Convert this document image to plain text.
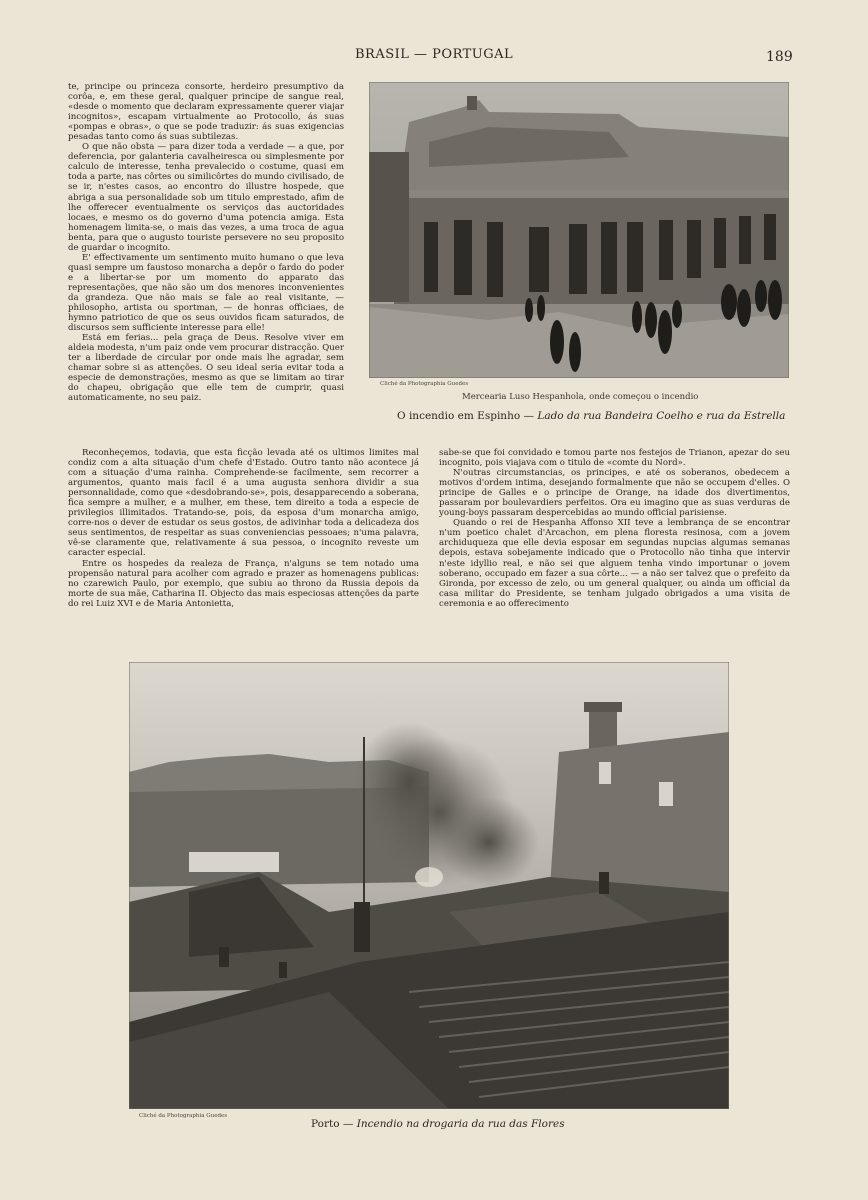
BRASIL — PORTUGAL	189

te, principe ou princeza consorte, herdeiro presumptivo da corôa, e, em these geral, qualquer principe de sangue real, «desde o momento que declaram expressamente querer viajar incognitos», escapam virtualmente ao Protocollo, ás suas «pompas e obras», o que se pode traduzir: ás suas exigencias pesadas tanto como ás suas subtilezas.

O que não obsta — para dizer toda a verdade — a que, por deferencia, por galanteria cavalheiresca ou simplesmente por calculo de interesse, tenha prevalecido o costume, quasi em toda a parte, nas côrtes ou similicôrtes do mundo civilisado, de se ir, n'estes casos, ao encontro do illustre hospede, que abriga a sua personalidade sob um titulo emprestado, afim de lhe offerecer eventualmente os serviços das auctoridades locaes, e mesmo os do governo d'uma potencia amiga. Esta homenagem limita-se, o mais das vezes, a uma troca de agua benta, para que o augusto touriste persevere no seu proposito de guardar o incognito.

E' effectivamente um sentimento muito humano o que leva quasi sempre um faustoso monarcha a depôr o fardo do poder e a libertar-se por um momento do apparato das representações, que não são um dos menores inconvenientes da grandeza. Que não mais se fale ao real visitante, — philosopho, artista ou sportman, — de honras officiaes, de hymno patriotico de que os seus ouvidos ficam saturados, de discursos sem sufficiente interesse para elle!

Está em ferias... pela graça de Deus. Resolve viver em aldeia modesta, n'um paiz onde vem procurar distracção. Quer ter a liberdade de circular por onde mais lhe agradar, sem chamar sobre si as attenções. O seu ideal seria evitar toda a especie de demonstrações, mesmo as que se limitam ao tirar do chapeu, obrigação que elle tem de cumprir, quasi automaticamente, no seu paiz.

Reconheçemos, todavia, que esta ficção levada até os ultimos limites mal condiz com a alta situação d'um chefe d'Estado. Outro tanto não acontece já com a situação d'uma rainha. Comprehende-se facilmente, sem recorrer a argumentos, quanto mais facil é a uma augusta senhora dividir a sua personnalidade, como que «desdobrando-se», pois, desapparecendo a soberana, fica sempre a mulher, e a mulher, em these, tem direito a toda a especie de privilegios illimitados. Tratando-se, pois, da esposa d'um monarcha amigo, corre-nos o dever de estudar os seus gostos, de adivinhar toda a delicadeza dos seus sentimentos, de respeitar as suas conveniencias pessoaes; n'uma palavra, vê-se claramente que, relativamente á sua pessoa, o incognito reveste um caracter especial.

Entre os hospedes da realeza de França, n'alguns se tem notado uma propensão natural para acolher com agrado e prazer as homenagens publicas: no czarewich Paulo, por exemplo, que subiu ao throno da Russia depois da morte de sua mãe, Catharina II. Objecto das mais especiosas attenções da parte do rei Luiz XVI e de Maria Antonietta,

sabe-se que foi convidado e tomou parte nos festejos de Trianon, apezar do seu incognito, pois viajava com o titulo de «comte du Nord».

N'outras circumstancias, os principes, e até os soberanos, obedecem a motivos d'ordem intima, desejando formalmente que não se occupem d'elles. O principe de Galles e o principe de Orange, na idade dos divertimentos, passaram por boulevardiers perfeitos. Ora eu imagino que as suas verduras de young-boys passaram despercebidas ao mundo official parisiense.

Quando o rei de Hespanha Affonso XII teve a lembrança de se encontrar n'um poetico chalet d'Arcachon, em plena floresta resinosa, com a jovem archiduqueza que elle devia esposar em segundas nupcias algumas semanas depois, estava sobejamente indicado que o Protocollo não tinha que intervir n'este idyllio real, e não sei que alguem tenha vindo importunar o jovem soberano, occupado em fazer a sua côrte... — a não ser talvez que o prefeito da Gironda, por excesso de zelo, ou um general qualquer, ou ainda um official da casa militar do Presidente, se tenham julgado obrigados a uma visita de ceremonia e ao offerecimento

Cliché da Photographia Guedes
Mercearia Luso Hespanhola, onde começou o incendio
O incendio em Espinho — Lado da rua Bandeira Coelho e rua da Estrella
Cliché da Photographia Guedes
Porto — Incendio na drogaria da rua das Flores
